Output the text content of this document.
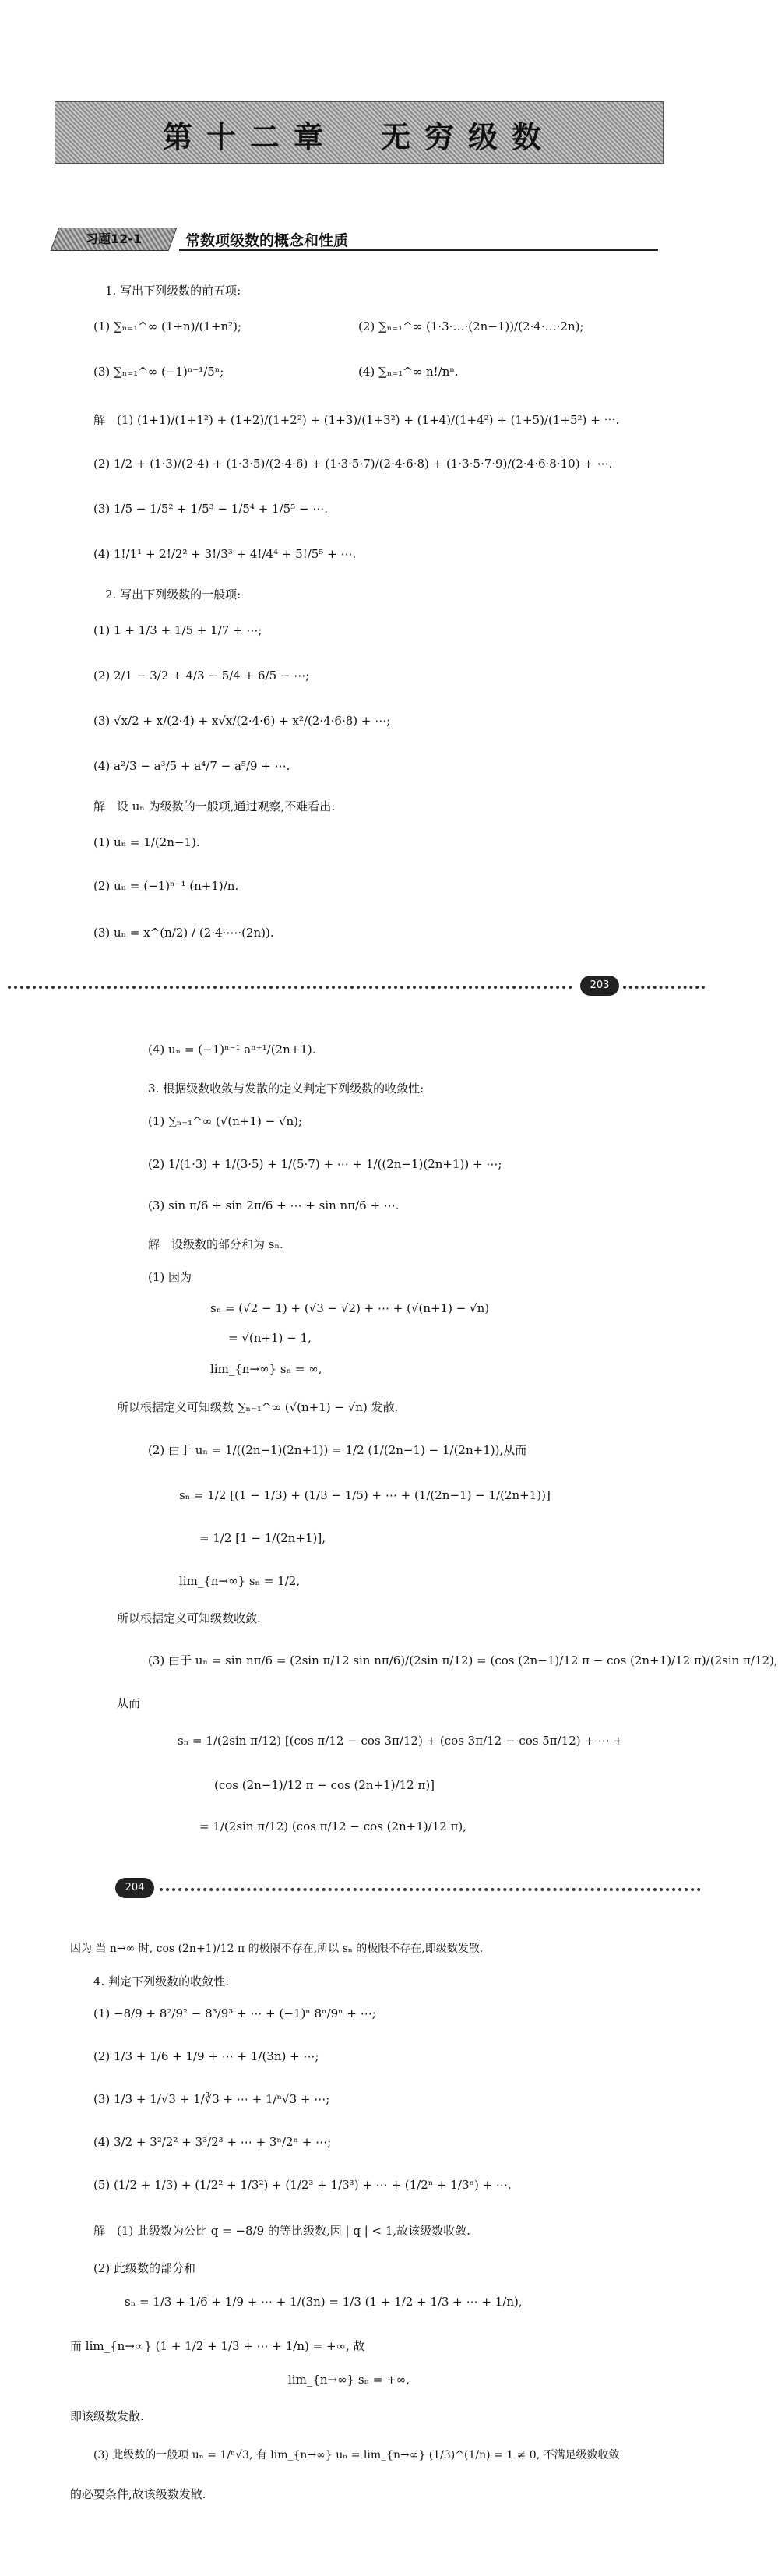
第十二章　无穷级数
习题12-1	常数项级数的概念和性质
1. 写出下列级数的前五项:
(1) ∑ₙ₌₁^∞ (1+n)/(1+n²);	(2) ∑ₙ₌₁^∞ (1·3·…·(2n−1))/(2·4·…·2n);
(3) ∑ₙ₌₁^∞ (−1)ⁿ⁻¹/5ⁿ;	(4) ∑ₙ₌₁^∞ n!/nⁿ.
解　(1) (1+1)/(1+1²) + (1+2)/(1+2²) + (1+3)/(1+3²) + (1+4)/(1+4²) + (1+5)/(1+5²) + ⋯.
(2) 1/2 + (1·3)/(2·4) + (1·3·5)/(2·4·6) + (1·3·5·7)/(2·4·6·8) + (1·3·5·7·9)/(2·4·6·8·10) + ⋯.
(3) 1/5 − 1/5² + 1/5³ − 1/5⁴ + 1/5⁵ − ⋯.
(4) 1!/1¹ + 2!/2² + 3!/3³ + 4!/4⁴ + 5!/5⁵ + ⋯.
2. 写出下列级数的一般项:
(1) 1 + 1/3 + 1/5 + 1/7 + ⋯;
(2) 2/1 − 3/2 + 4/3 − 5/4 + 6/5 − ⋯;
(3) √x/2 + x/(2·4) + x√x/(2·4·6) + x²/(2·4·6·8) + ⋯;
(4) a²/3 − a³/5 + a⁴/7 − a⁵/9 + ⋯.
解　设 uₙ 为级数的一般项,通过观察,不难看出:
(1) uₙ = 1/(2n−1).
(2) uₙ = (−1)ⁿ⁻¹ (n+1)/n.
(3) uₙ = x^(n/2) / (2·4·⋯·(2n)).
203
(4) uₙ = (−1)ⁿ⁻¹ aⁿ⁺¹/(2n+1).
3. 根据级数收敛与发散的定义判定下列级数的收敛性:
(1) ∑ₙ₌₁^∞ (√(n+1) − √n);
(2) 1/(1·3) + 1/(3·5) + 1/(5·7) + ⋯ + 1/((2n−1)(2n+1)) + ⋯;
(3) sin π/6 + sin 2π/6 + ⋯ + sin nπ/6 + ⋯.
解　设级数的部分和为 sₙ.
(1) 因为
sₙ = (√2 − 1) + (√3 − √2) + ⋯ + (√(n+1) − √n)
= √(n+1) − 1,
lim_{n→∞} sₙ = ∞,
所以根据定义可知级数 ∑ₙ₌₁^∞ (√(n+1) − √n) 发散.
(2) 由于 uₙ = 1/((2n−1)(2n+1)) = 1/2 (1/(2n−1) − 1/(2n+1)),从而
sₙ = 1/2 [(1 − 1/3) + (1/3 − 1/5) + ⋯ + (1/(2n−1) − 1/(2n+1))]
= 1/2 [1 − 1/(2n+1)],
lim_{n→∞} sₙ = 1/2,
所以根据定义可知级数收敛.
(3) 由于 uₙ = sin nπ/6 = (2sin π/12 sin nπ/6)/(2sin π/12) = (cos (2n−1)/12 π − cos (2n+1)/12 π)/(2sin π/12),
从而
sₙ = 1/(2sin π/12) [(cos π/12 − cos 3π/12) + (cos 3π/12 − cos 5π/12) + ⋯ +
(cos (2n−1)/12 π − cos (2n+1)/12 π)]
= 1/(2sin π/12) (cos π/12 − cos (2n+1)/12 π),
204
因为 当 n→∞ 时, cos (2n+1)/12 π 的极限不存在,所以 sₙ 的极限不存在,即级数发散.
4. 判定下列级数的收敛性:
(1) −8/9 + 8²/9² − 8³/9³ + ⋯ + (−1)ⁿ 8ⁿ/9ⁿ + ⋯;
(2) 1/3 + 1/6 + 1/9 + ⋯ + 1/(3n) + ⋯;
(3) 1/3 + 1/√3 + 1/∛3 + ⋯ + 1/ⁿ√3 + ⋯;
(4) 3/2 + 3²/2² + 3³/2³ + ⋯ + 3ⁿ/2ⁿ + ⋯;
(5) (1/2 + 1/3) + (1/2² + 1/3²) + (1/2³ + 1/3³) + ⋯ + (1/2ⁿ + 1/3ⁿ) + ⋯.
解　(1) 此级数为公比 q = −8/9 的等比级数,因 | q | < 1,故该级数收敛.
(2) 此级数的部分和
sₙ = 1/3 + 1/6 + 1/9 + ⋯ + 1/(3n) = 1/3 (1 + 1/2 + 1/3 + ⋯ + 1/n),
而 lim_{n→∞} (1 + 1/2 + 1/3 + ⋯ + 1/n) = +∞, 故
lim_{n→∞} sₙ = +∞,
即该级数发散.
(3) 此级数的一般项 uₙ = 1/ⁿ√3, 有 lim_{n→∞} uₙ = lim_{n→∞} (1/3)^(1/n) = 1 ≠ 0, 不满足级数收敛
的必要条件,故该级数发散.
